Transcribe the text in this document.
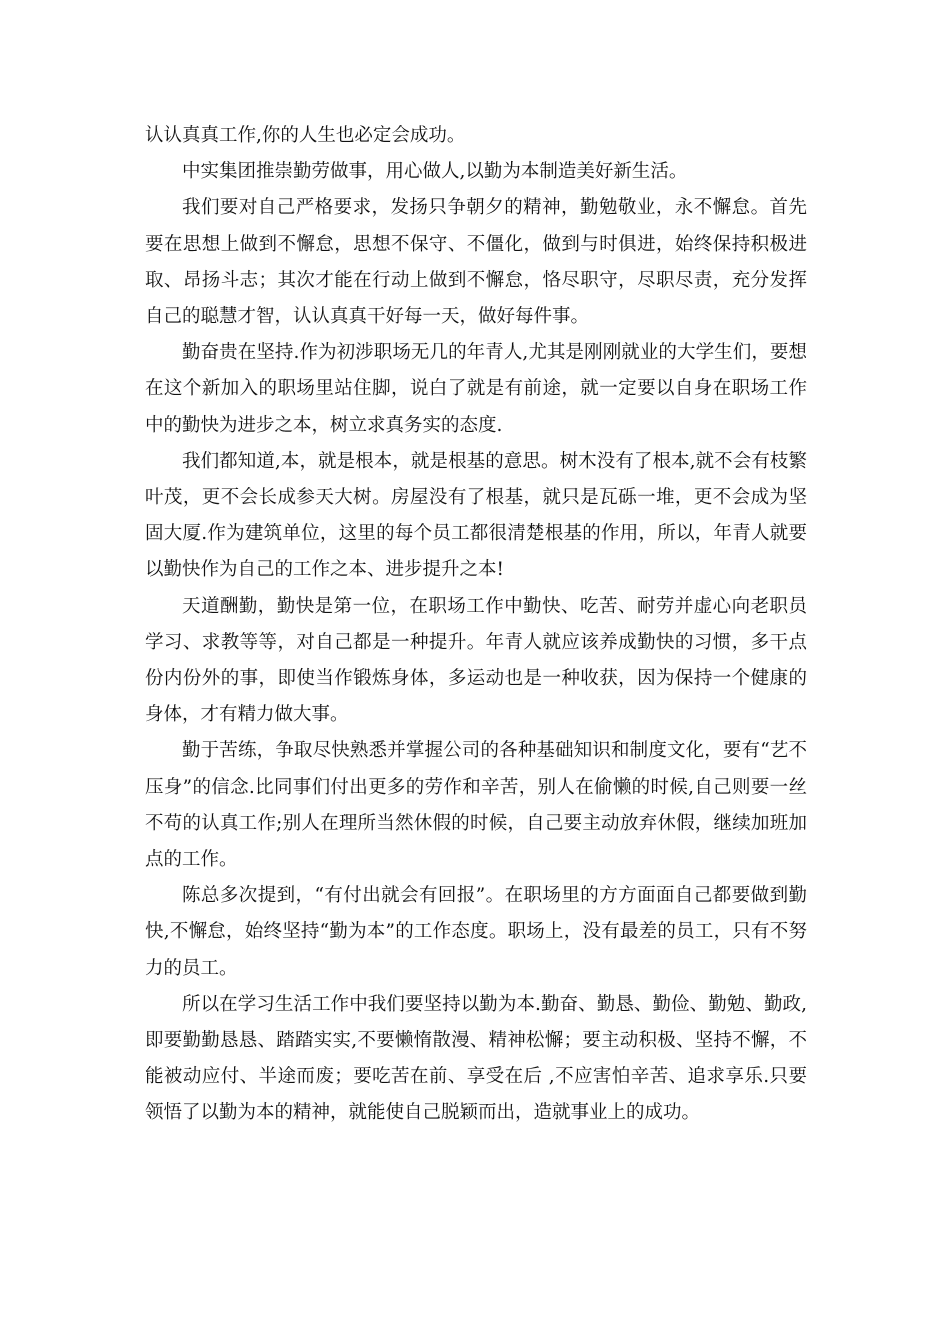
认认真真工作,你的人生也必定会成功。

中实集团推崇勤劳做事，用心做人,以勤为本制造美好新生活。

我们要对自己严格要求，发扬只争朝夕的精神，勤勉敬业，永不懈怠。首先要在思想上做到不懈怠，思想不保守、不僵化，做到与时俱进，始终保持积极进取、昂扬斗志；其次才能在行动上做到不懈怠，恪尽职守，尽职尽责，充分发挥自己的聪慧才智，认认真真干好每一天，做好每件事。

勤奋贵在坚持.作为初涉职场无几的年青人,尤其是刚刚就业的大学生们，要想在这个新加入的职场里站住脚，说白了就是有前途，就一定要以自身在职场工作中的勤快为进步之本，树立求真务实的态度.

我们都知道,本，就是根本，就是根基的意思。树木没有了根本,就不会有枝繁叶茂，更不会长成参天大树。房屋没有了根基，就只是瓦砾一堆，更不会成为坚固大厦.作为建筑单位，这里的每个员工都很清楚根基的作用，所以，年青人就要以勤快作为自己的工作之本、进步提升之本!

天道酬勤，勤快是第一位，在职场工作中勤快、吃苦、耐劳并虚心向老职员学习、求教等等，对自己都是一种提升。年青人就应该养成勤快的习惯，多干点份内份外的事，即使当作锻炼身体，多运动也是一种收获，因为保持一个健康的身体，才有精力做大事。

勤于苦练，争取尽快熟悉并掌握公司的各种基础知识和制度文化，要有“艺不压身”的信念.比同事们付出更多的劳作和辛苦，别人在偷懒的时候,自己则要一丝不苟的认真工作;别人在理所当然休假的时候，自己要主动放弃休假，继续加班加点的工作。

陈总多次提到，“有付出就会有回报”。在职场里的方方面面自己都要做到勤快,不懈怠，始终坚持“勤为本”的工作态度。职场上，没有最差的员工，只有不努力的员工。

所以在学习生活工作中我们要坚持以勤为本.勤奋、勤恳、勤俭、勤勉、勤政,即要勤勤恳恳、踏踏实实,不要懒惰散漫、精神松懈；要主动积极、坚持不懈，不能被动应付、半途而废；要吃苦在前、享受在后 ,不应害怕辛苦、追求享乐.只要领悟了以勤为本的精神，就能使自己脱颖而出，造就事业上的成功。
